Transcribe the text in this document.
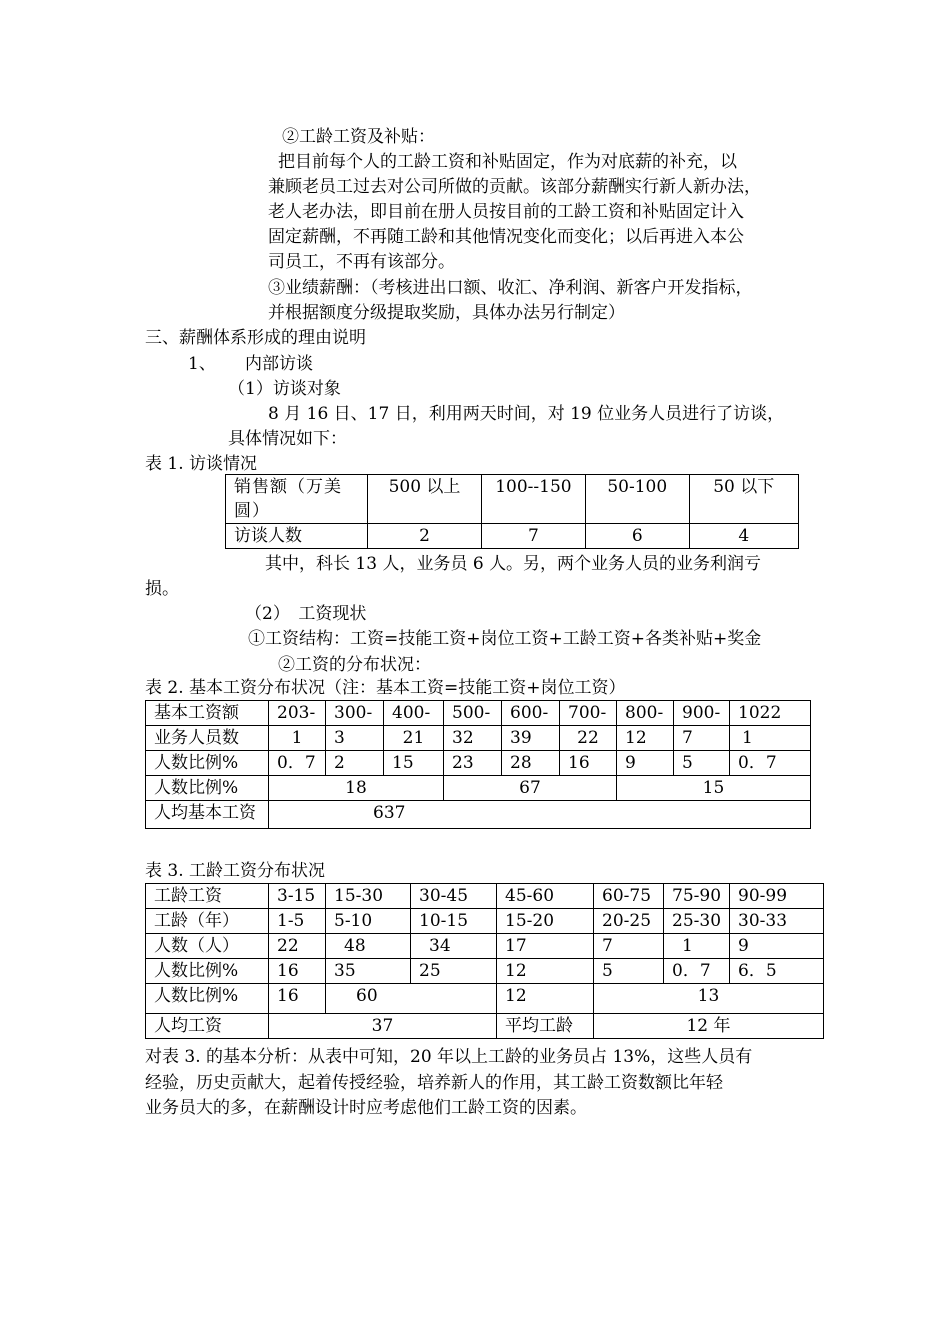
②工龄工资及补贴：
把目前每个人的工龄工资和补贴固定，作为对底薪的补充，以
兼顾老员工过去对公司所做的贡献。该部分薪酬实行新人新办法，
老人老办法，即目前在册人员按目前的工龄工资和补贴固定计入
固定薪酬，不再随工龄和其他情况变化而变化；以后再进入本公
司员工，不再有该部分。
③业绩薪酬：（考核进出口额、收汇、净利润、新客户开发指标，
并根据额度分级提取奖励，具体办法另行制定）
三、薪酬体系形成的理由说明
1、 内部访谈
（1）访谈对象
8 月 16 日、17 日，利用两天时间，对 19 位业务人员进行了访谈，
具体情况如下：
表 1. 访谈情况
销售额（万美
圆）	500 以上	100--150	50-100	50 以下
访谈人数	2	7	6	4
其中，科长 13 人，业务员 6 人。另，两个业务人员的业务利润亏
损。
（2）　工资现状
①工资结构：工资=技能工资+岗位工资+工龄工资+各类补贴+奖金
②工资的分布状况：
表 2. 基本工资分布状况（注：基本工资=技能工资+岗位工资）
基本工资额	203-	300-	400-	500-	600-	700-	800-	900-	1022
业务人员数	1	3	21	32	39	22	12	7	1
人数比例%	0．7	2	15	23	28	16	9	5	0．7
人数比例%	18			67			15		
人均基本工资	637								
表 3. 工龄工资分布状况
工龄工资	3-15	15-30	30-45	45-60	60-75	75-90	90-99
工龄（年）	1-5	5-10	10-15	15-20	20-25	25-30	30-33
人数（人）	22	48	34	17	7	1	9
人数比例%	16	35	25	12	5	0．7	6．5
人数比例%	16	60		12	13		
人均工资	37			平均工龄	12 年		
对表 3. 的基本分析：从表中可知，20 年以上工龄的业务员占 13%，这些人员有
经验，历史贡献大，起着传授经验，培养新人的作用，其工龄工资数额比年轻
业务员大的多，在薪酬设计时应考虑他们工龄工资的因素。
